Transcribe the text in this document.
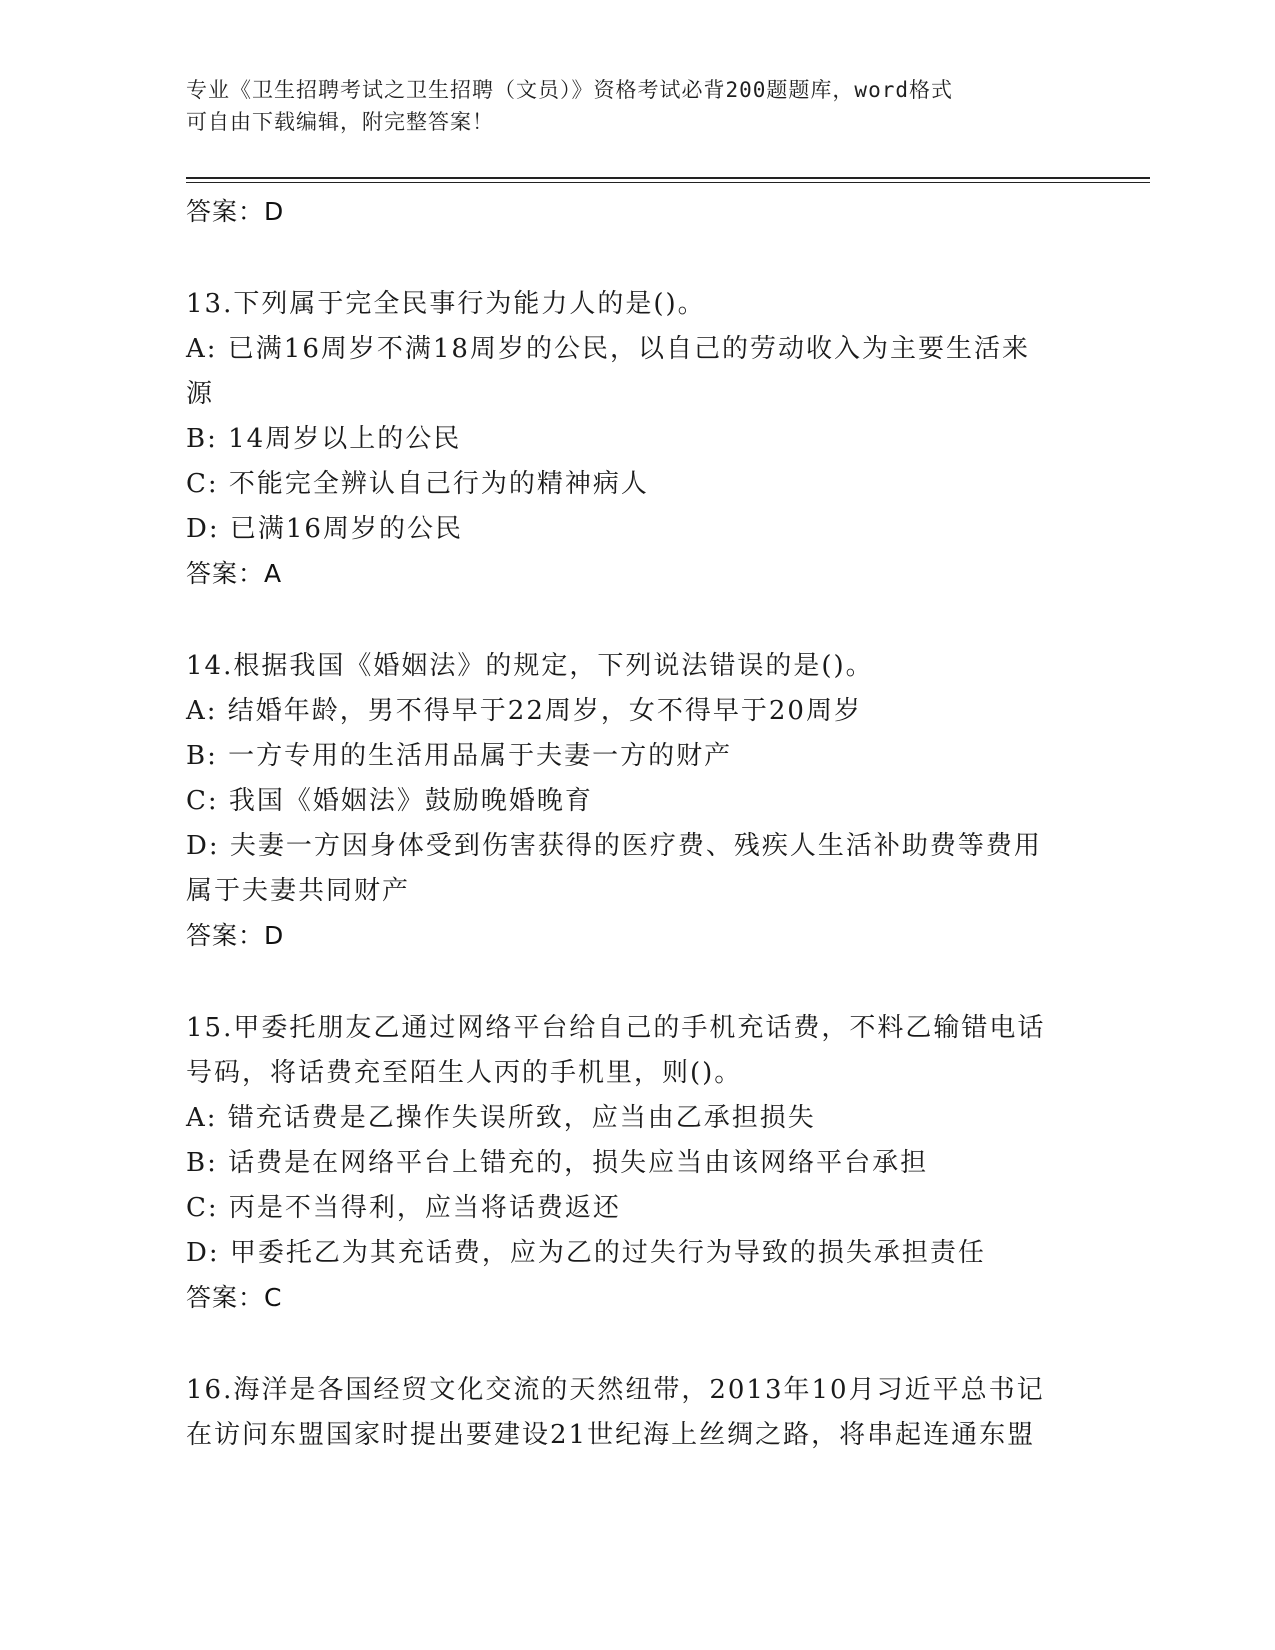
专业《卫生招聘考试之卫生招聘（文员）》资格考试必背200题题库，word格式
可自由下载编辑，附完整答案！
答案：D
13.下列属于完全民事行为能力人的是()。
A: 已满16周岁不满18周岁的公民，以自己的劳动收入为主要生活来
源
B: 14周岁以上的公民
C: 不能完全辨认自己行为的精神病人
D: 已满16周岁的公民
答案：A
14.根据我国《婚姻法》的规定，下列说法错误的是()。
A: 结婚年龄，男不得早于22周岁，女不得早于20周岁
B: 一方专用的生活用品属于夫妻一方的财产
C: 我国《婚姻法》鼓励晚婚晚育
D: 夫妻一方因身体受到伤害获得的医疗费、残疾人生活补助费等费用
属于夫妻共同财产
答案：D
15.甲委托朋友乙通过网络平台给自己的手机充话费，不料乙输错电话
号码，将话费充至陌生人丙的手机里，则()。
A: 错充话费是乙操作失误所致，应当由乙承担损失
B: 话费是在网络平台上错充的，损失应当由该网络平台承担
C: 丙是不当得利，应当将话费返还
D: 甲委托乙为其充话费，应为乙的过失行为导致的损失承担责任
答案：C
16.海洋是各国经贸文化交流的天然纽带，2013年10月习近平总书记
在访问东盟国家时提出要建设21世纪海上丝绸之路，将串起连通东盟
